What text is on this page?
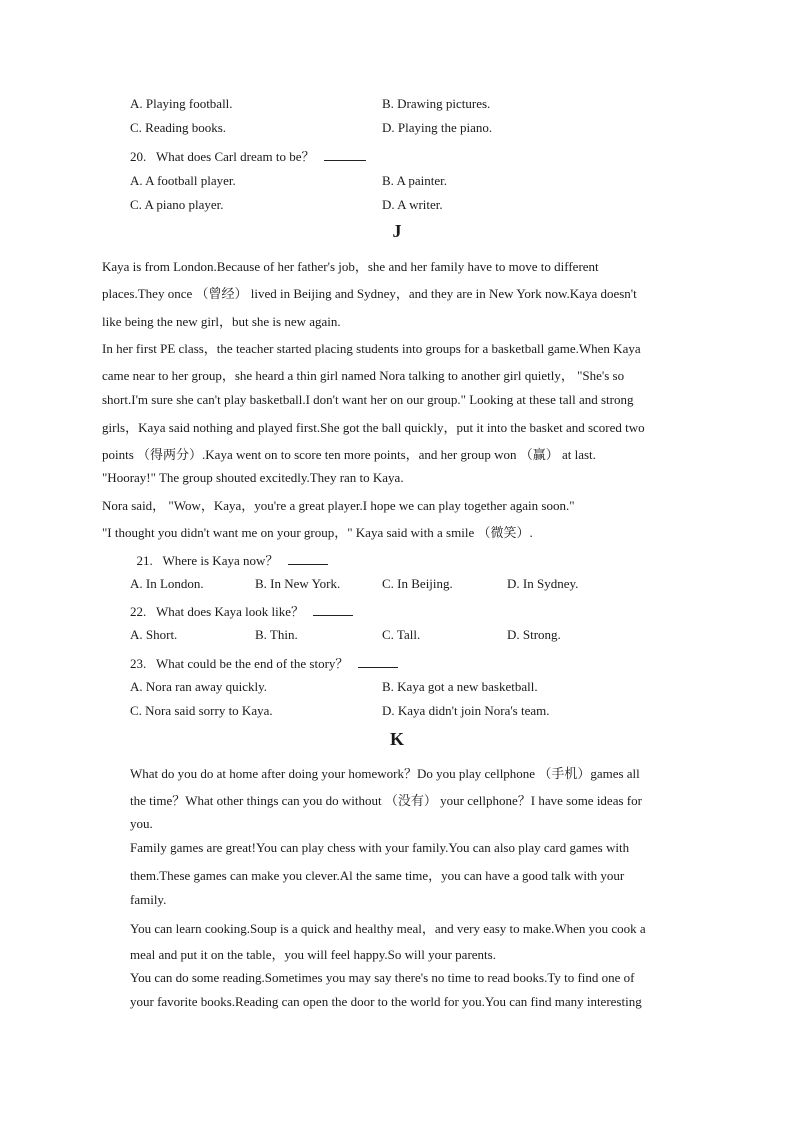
A. Playing football.	B. Drawing pictures.
C. Reading books.	D. Playing the piano.
20. What does Carl dream to be？
A. A football player.	B. A painter.
C. A piano player.	D. A writer.
J
Kaya is from London.Because of her father's job，she and her family have to move to different
places.They once （曾经） lived in Beijing and Sydney，and they are in New York now.Kaya doesn't
like being the new girl，but she is new again.
In her first PE class，the teacher started placing students into groups for a basketball game.When Kaya
came near to her group，she heard a thin girl named Nora talking to another girl quietly， "She's so
short.I'm sure she can't play basketball.I don't want her on our group." Looking at these tall and strong
girls，Kaya said nothing and played first.She got the ball quickly，put it into the basket and scored two
points （得两分）.Kaya went on to score ten more points，and her group won （赢） at last.
"Hooray!" The group shouted excitedly.They ran to Kaya.
Nora said， "Wow，Kaya，you're a great player.I hope we can play together again soon."
"I thought you didn't want me on your group，" Kaya said with a smile （微笑）.
21. Where is Kaya now？
A. In London.	B. In New York.	C. In Beijing.	D. In Sydney.
22. What does Kaya look like？
A. Short.	B. Thin.	C. Tall.	D. Strong.
23. What could be the end of the story？
A. Nora ran away quickly.	B. Kaya got a new basketball.
C. Nora said sorry to Kaya.	D. Kaya didn't join Nora's team.
K
What do you do at home after doing your homework？Do you play cellphone （手机）games all
the time？What other things can you do without （没有） your cellphone？I have some ideas for
you.
Family games are great!You can play chess with your family.You can also play card games with
them.These games can make you clever.Al the same time，you can have a good talk with your
family.
You can learn cooking.Soup is a quick and healthy meal，and very easy to make.When you cook a
meal and put it on the table，you will feel happy.So will your parents.
You can do some reading.Sometimes you may say there's no time to read books.Ty to find one of
your favorite books.Reading can open the door to the world for you.You can find many interesting
